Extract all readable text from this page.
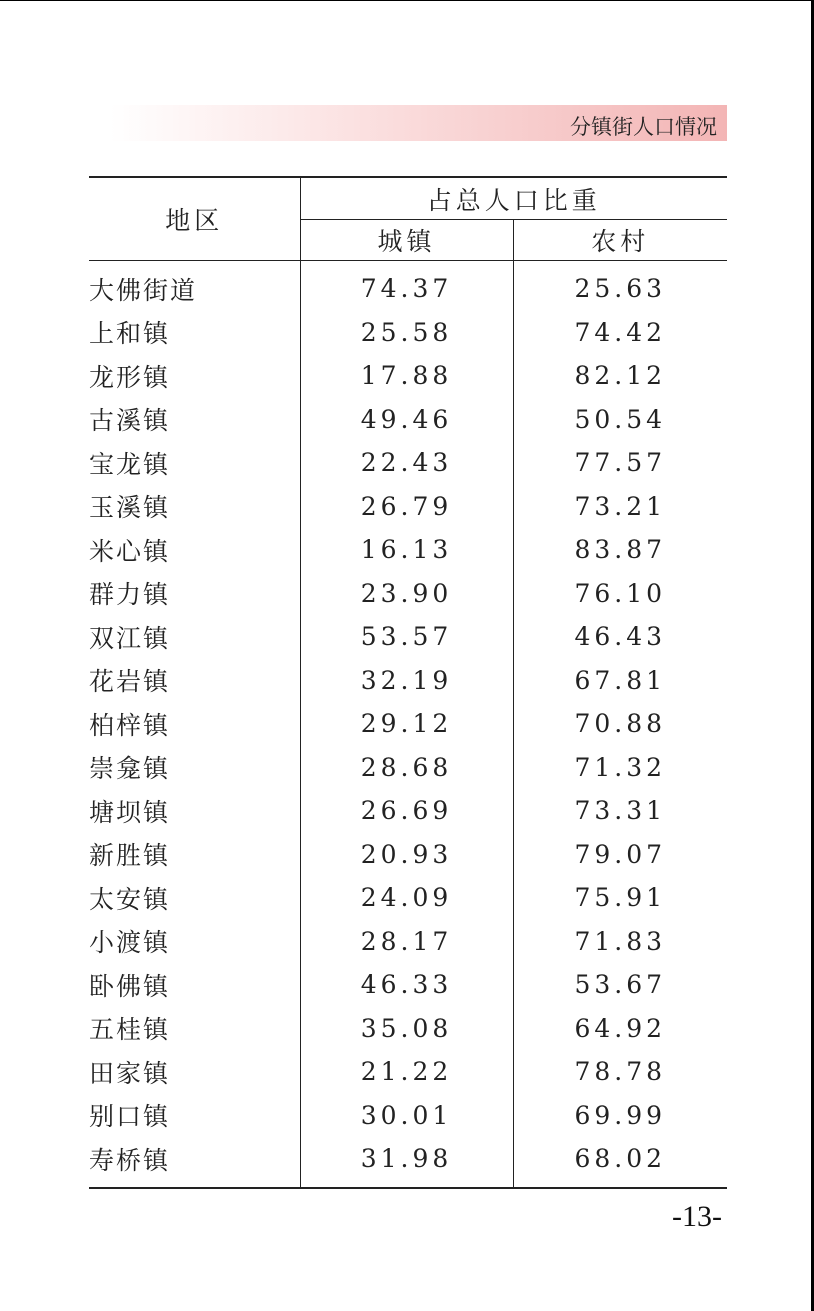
分镇街人口情况
地区	占总人口比重	
	城镇	农村
大佛街道	74.37	25.63
上和镇	25.58	74.42
龙形镇	17.88	82.12
古溪镇	49.46	50.54
宝龙镇	22.43	77.57
玉溪镇	26.79	73.21
米心镇	16.13	83.87
群力镇	23.90	76.10
双江镇	53.57	46.43
花岩镇	32.19	67.81
柏梓镇	29.12	70.88
崇龛镇	28.68	71.32
塘坝镇	26.69	73.31
新胜镇	20.93	79.07
太安镇	24.09	75.91
小渡镇	28.17	71.83
卧佛镇	46.33	53.67
五桂镇	35.08	64.92
田家镇	21.22	78.78
别口镇	30.01	69.99
寿桥镇	31.98	68.02
-13-
